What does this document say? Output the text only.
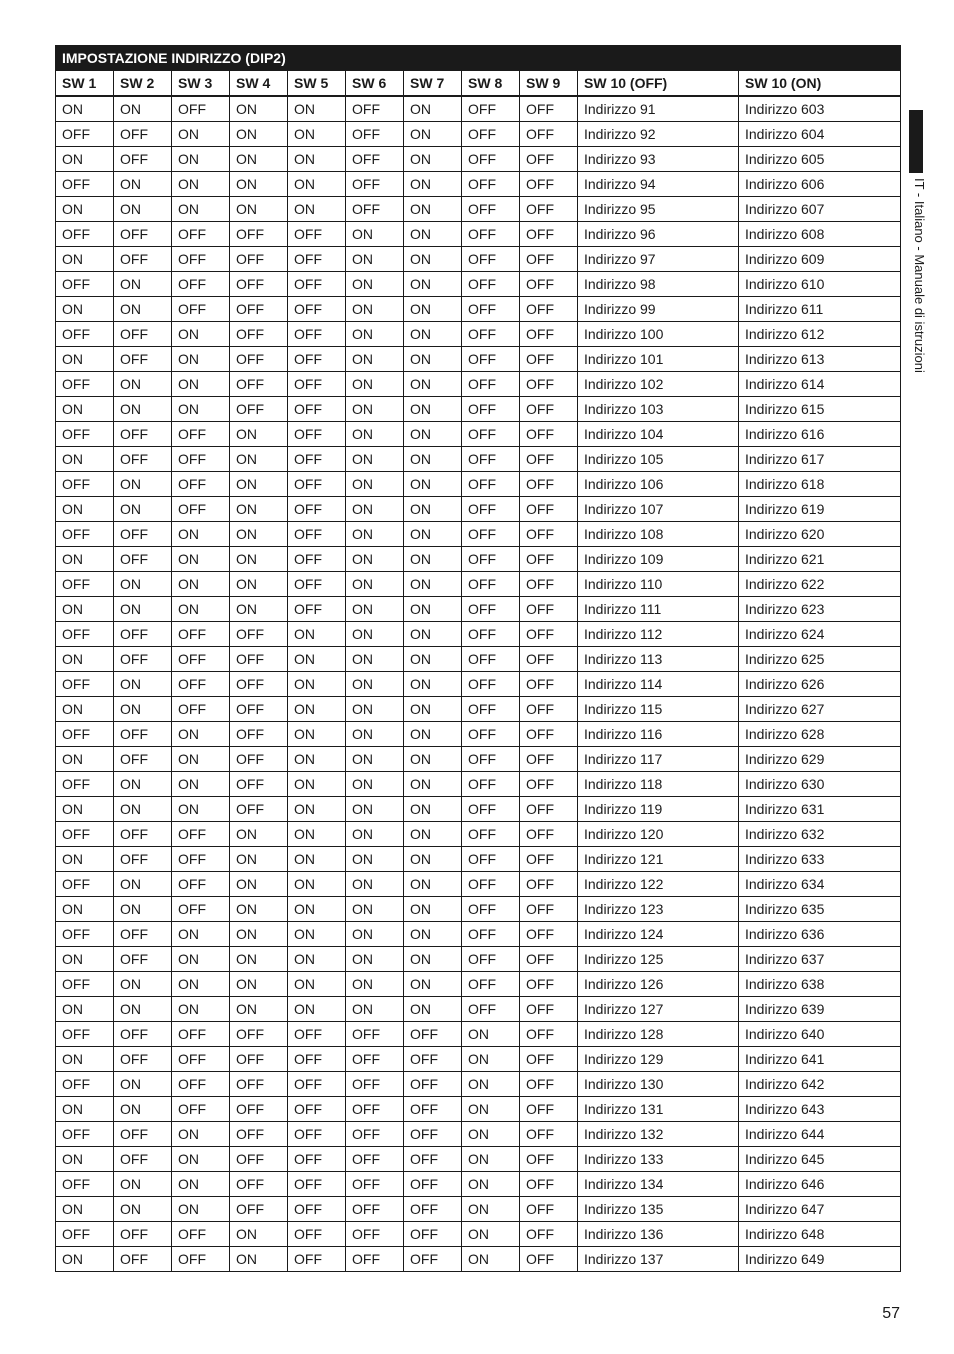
IMPOSTAZIONE INDIRIZZO (DIP2)										
SW 1	SW 2	SW 3	SW 4	SW 5	SW 6	SW 7	SW 8	SW 9	SW 10 (OFF)	SW 10 (ON)
ON	ON	OFF	ON	ON	OFF	ON	OFF	OFF	Indirizzo 91	Indirizzo 603
OFF	OFF	ON	ON	ON	OFF	ON	OFF	OFF	Indirizzo 92	Indirizzo 604
ON	OFF	ON	ON	ON	OFF	ON	OFF	OFF	Indirizzo 93	Indirizzo 605
OFF	ON	ON	ON	ON	OFF	ON	OFF	OFF	Indirizzo 94	Indirizzo 606
ON	ON	ON	ON	ON	OFF	ON	OFF	OFF	Indirizzo 95	Indirizzo 607
OFF	OFF	OFF	OFF	OFF	ON	ON	OFF	OFF	Indirizzo 96	Indirizzo 608
ON	OFF	OFF	OFF	OFF	ON	ON	OFF	OFF	Indirizzo 97	Indirizzo 609
OFF	ON	OFF	OFF	OFF	ON	ON	OFF	OFF	Indirizzo 98	Indirizzo 610
ON	ON	OFF	OFF	OFF	ON	ON	OFF	OFF	Indirizzo 99	Indirizzo 611
OFF	OFF	ON	OFF	OFF	ON	ON	OFF	OFF	Indirizzo 100	Indirizzo 612
ON	OFF	ON	OFF	OFF	ON	ON	OFF	OFF	Indirizzo 101	Indirizzo 613
OFF	ON	ON	OFF	OFF	ON	ON	OFF	OFF	Indirizzo 102	Indirizzo 614
ON	ON	ON	OFF	OFF	ON	ON	OFF	OFF	Indirizzo 103	Indirizzo 615
OFF	OFF	OFF	ON	OFF	ON	ON	OFF	OFF	Indirizzo 104	Indirizzo 616
ON	OFF	OFF	ON	OFF	ON	ON	OFF	OFF	Indirizzo 105	Indirizzo 617
OFF	ON	OFF	ON	OFF	ON	ON	OFF	OFF	Indirizzo 106	Indirizzo 618
ON	ON	OFF	ON	OFF	ON	ON	OFF	OFF	Indirizzo 107	Indirizzo 619
OFF	OFF	ON	ON	OFF	ON	ON	OFF	OFF	Indirizzo 108	Indirizzo 620
ON	OFF	ON	ON	OFF	ON	ON	OFF	OFF	Indirizzo 109	Indirizzo 621
OFF	ON	ON	ON	OFF	ON	ON	OFF	OFF	Indirizzo 110	Indirizzo 622
ON	ON	ON	ON	OFF	ON	ON	OFF	OFF	Indirizzo 111	Indirizzo 623
OFF	OFF	OFF	OFF	ON	ON	ON	OFF	OFF	Indirizzo 112	Indirizzo 624
ON	OFF	OFF	OFF	ON	ON	ON	OFF	OFF	Indirizzo 113	Indirizzo 625
OFF	ON	OFF	OFF	ON	ON	ON	OFF	OFF	Indirizzo 114	Indirizzo 626
ON	ON	OFF	OFF	ON	ON	ON	OFF	OFF	Indirizzo 115	Indirizzo 627
OFF	OFF	ON	OFF	ON	ON	ON	OFF	OFF	Indirizzo 116	Indirizzo 628
ON	OFF	ON	OFF	ON	ON	ON	OFF	OFF	Indirizzo 117	Indirizzo 629
OFF	ON	ON	OFF	ON	ON	ON	OFF	OFF	Indirizzo 118	Indirizzo 630
ON	ON	ON	OFF	ON	ON	ON	OFF	OFF	Indirizzo 119	Indirizzo 631
OFF	OFF	OFF	ON	ON	ON	ON	OFF	OFF	Indirizzo 120	Indirizzo 632
ON	OFF	OFF	ON	ON	ON	ON	OFF	OFF	Indirizzo 121	Indirizzo 633
OFF	ON	OFF	ON	ON	ON	ON	OFF	OFF	Indirizzo 122	Indirizzo 634
ON	ON	OFF	ON	ON	ON	ON	OFF	OFF	Indirizzo 123	Indirizzo 635
OFF	OFF	ON	ON	ON	ON	ON	OFF	OFF	Indirizzo 124	Indirizzo 636
ON	OFF	ON	ON	ON	ON	ON	OFF	OFF	Indirizzo 125	Indirizzo 637
OFF	ON	ON	ON	ON	ON	ON	OFF	OFF	Indirizzo 126	Indirizzo 638
ON	ON	ON	ON	ON	ON	ON	OFF	OFF	Indirizzo 127	Indirizzo 639
OFF	OFF	OFF	OFF	OFF	OFF	OFF	ON	OFF	Indirizzo 128	Indirizzo 640
ON	OFF	OFF	OFF	OFF	OFF	OFF	ON	OFF	Indirizzo 129	Indirizzo 641
OFF	ON	OFF	OFF	OFF	OFF	OFF	ON	OFF	Indirizzo 130	Indirizzo 642
ON	ON	OFF	OFF	OFF	OFF	OFF	ON	OFF	Indirizzo 131	Indirizzo 643
OFF	OFF	ON	OFF	OFF	OFF	OFF	ON	OFF	Indirizzo 132	Indirizzo 644
ON	OFF	ON	OFF	OFF	OFF	OFF	ON	OFF	Indirizzo 133	Indirizzo 645
OFF	ON	ON	OFF	OFF	OFF	OFF	ON	OFF	Indirizzo 134	Indirizzo 646
ON	ON	ON	OFF	OFF	OFF	OFF	ON	OFF	Indirizzo 135	Indirizzo 647
OFF	OFF	OFF	ON	OFF	OFF	OFF	ON	OFF	Indirizzo 136	Indirizzo 648
ON	OFF	OFF	ON	OFF	OFF	OFF	ON	OFF	Indirizzo 137	Indirizzo 649
IT - Italiano - Manuale di istruzioni
57
